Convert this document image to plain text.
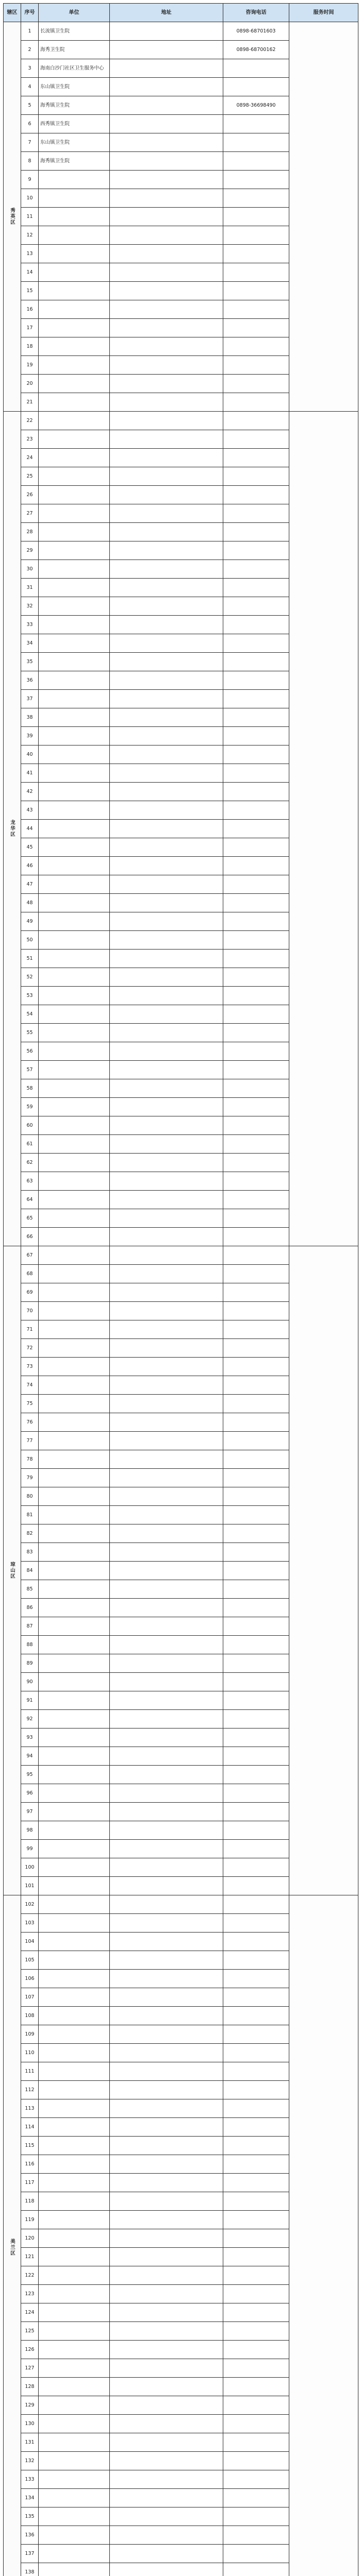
辖区	序号	单位	地址	咨询电话	服务时间
秀英区	1	长流镇卫生院		0898-68701603	
	2	海秀卫生院		0898-68700162	
	3	海南白沙门社区卫生服务中心			
	4	东山镇卫生院			
	5	海秀镇卫生院		0898-36698490	
	6	西秀镇卫生院			
	7	东山镇卫生院			
	8	海秀镇卫生院			
	9				
	10				
	11				
	12				
	13				
	14				
	15				
	16				
	17				
	18				
	19				
	20				
	21				
龙华区	22				
	23				
	24				
	25				
	26				
	27				
	28				
	29				
	30				
	31				
	32				
	33				
	34				
	35				
	36				
	37				
	38				
	39				
	40				
	41				
	42				
	43				
	44				
	45				
	46				
	47				
	48				
	49				
	50				
	51				
	52				
	53				
	54				
	55				
	56				
	57				
	58				
	59				
	60				
	61				
	62				
	63				
	64				
	65				
	66				
琼山区	67				
	68				
	69				
	70				
	71				
	72				
	73				
	74				
	75				
	76				
	77				
	78				
	79				
	80				
	81				
	82				
	83				
	84				
	85				
	86				
	87				
	88				
	89				
	90				
	91				
	92				
	93				
	94				
	95				
	96				
	97				
	98				
	99				
	100				
	101				
美兰区	102				
	103				
	104				
	105				
	106				
	107				
	108				
	109				
	110				
	111				
	112				
	113				
	114				
	115				
	116				
	117				
	118				
	119				
	120				
	121				
	122				
	123				
	124				
	125				
	126				
	127				
	128				
	129				
	130				
	131				
	132				
	133				
	134				
	135				
	136				
	137				
	138				
